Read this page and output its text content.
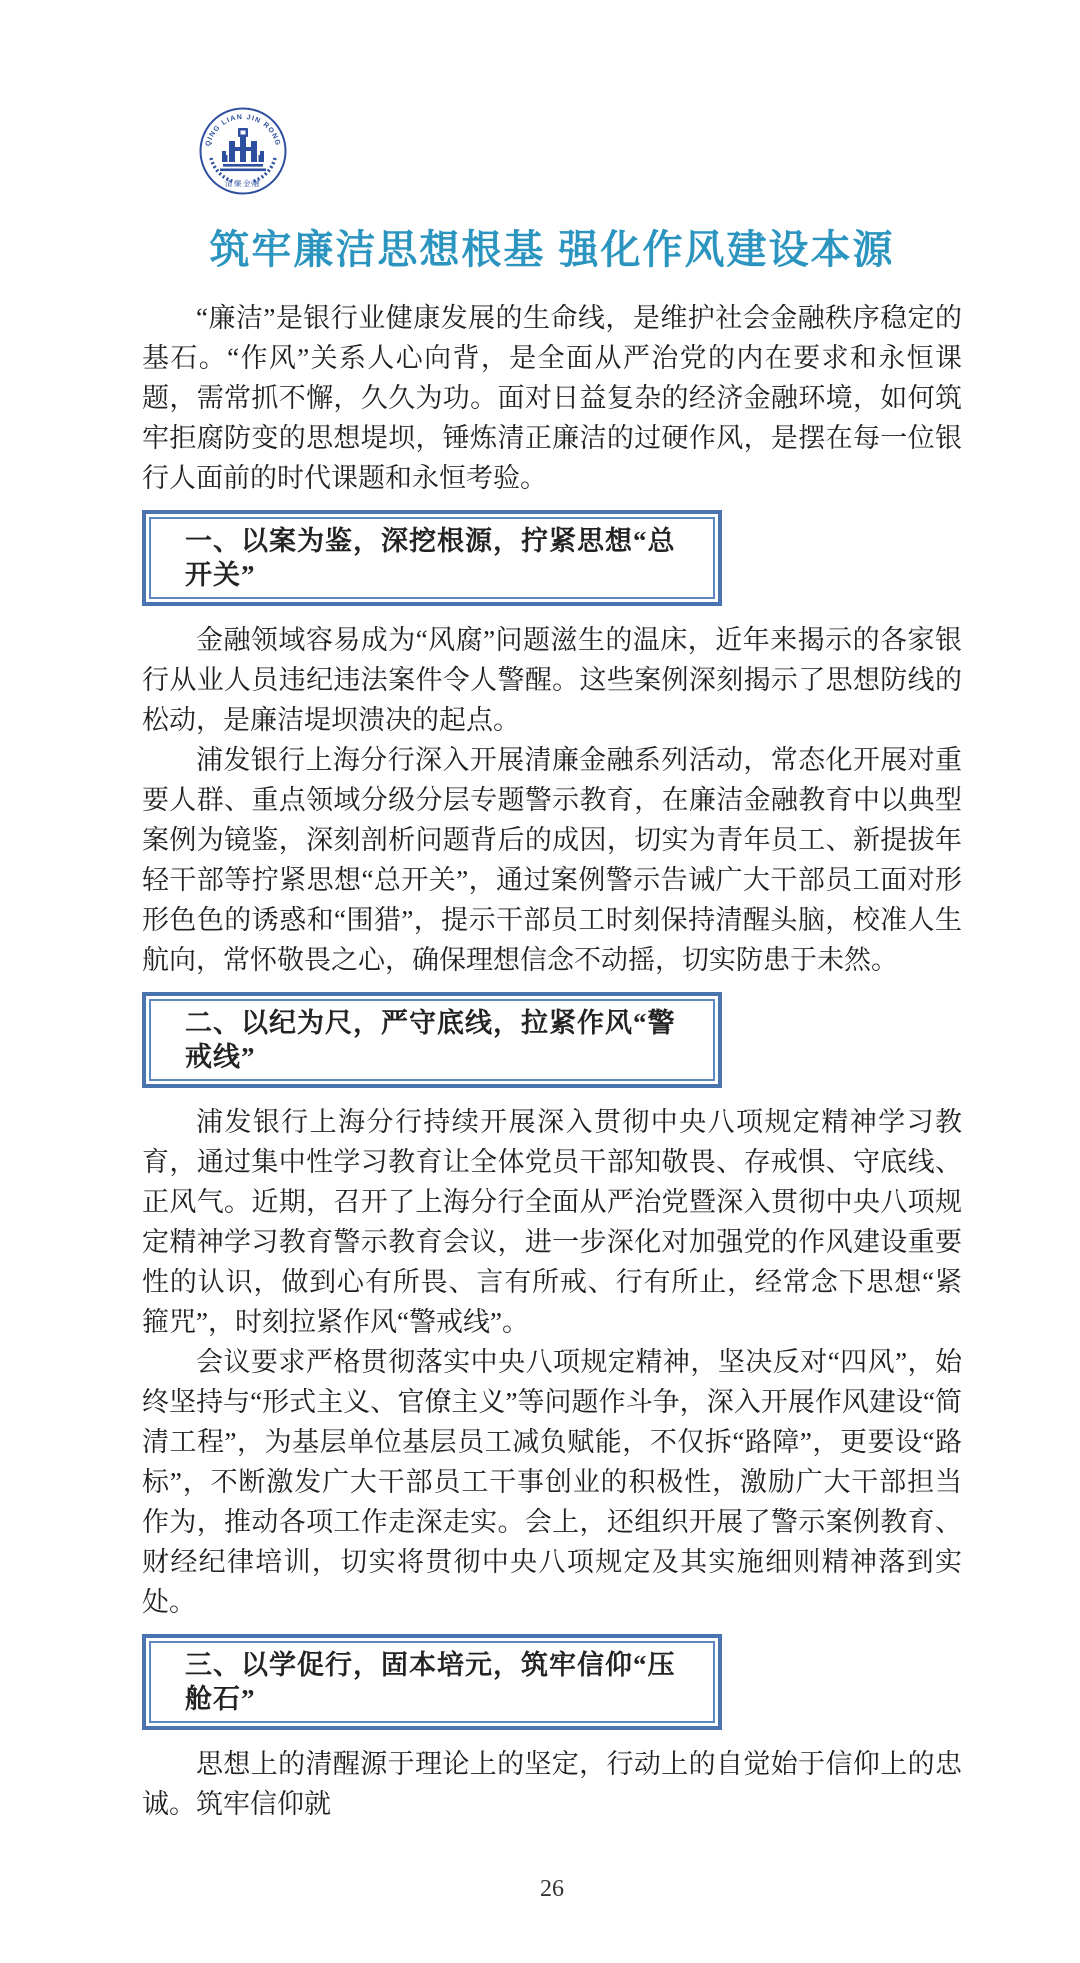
QING LIAN JIN RONG
清廉金融
筑牢廉洁思想根基 强化作风建设本源

“廉洁”是银行业健康发展的生命线，是维护社会金融秩序稳定的基石。“作风”关系人心向背，是全面从严治党的内在要求和永恒课题，需常抓不懈，久久为功。面对日益复杂的经济金融环境，如何筑牢拒腐防变的思想堤坝，锤炼清正廉洁的过硬作风，是摆在每一位银行人面前的时代课题和永恒考验。

一、以案为鉴，深挖根源，拧紧思想“总开关”

金融领域容易成为“风腐”问题滋生的温床，近年来揭示的各家银行从业人员违纪违法案件令人警醒。这些案例深刻揭示了思想防线的松动，是廉洁堤坝溃决的起点。

浦发银行上海分行深入开展清廉金融系列活动，常态化开展对重要人群、重点领域分级分层专题警示教育，在廉洁金融教育中以典型案例为镜鉴，深刻剖析问题背后的成因，切实为青年员工、新提拔年轻干部等拧紧思想“总开关”，通过案例警示告诫广大干部员工面对形形色色的诱惑和“围猎”，提示干部员工时刻保持清醒头脑，校准人生航向，常怀敬畏之心，确保理想信念不动摇，切实防患于未然。

二、以纪为尺，严守底线，拉紧作风“警戒线”

浦发银行上海分行持续开展深入贯彻中央八项规定精神学习教育，通过集中性学习教育让全体党员干部知敬畏、存戒惧、守底线、正风气。近期，召开了上海分行全面从严治党暨深入贯彻中央八项规定精神学习教育警示教育会议，进一步深化对加强党的作风建设重要性的认识，做到心有所畏、言有所戒、行有所止，经常念下思想“紧箍咒”，时刻拉紧作风“警戒线”。

会议要求严格贯彻落实中央八项规定精神，坚决反对“四风”，始终坚持与“形式主义、官僚主义”等问题作斗争，深入开展作风建设“简清工程”，为基层单位基层员工减负赋能，不仅拆“路障”，更要设“路标”，不断激发广大干部员工干事创业的积极性，激励广大干部担当作为，推动各项工作走深走实。会上，还组织开展了警示案例教育、财经纪律培训，切实将贯彻中央八项规定及其实施细则精神落到实处。

三、以学促行，固本培元，筑牢信仰“压舱石”

思想上的清醒源于理论上的坚定，行动上的自觉始于信仰上的忠诚。筑牢信仰就

26
